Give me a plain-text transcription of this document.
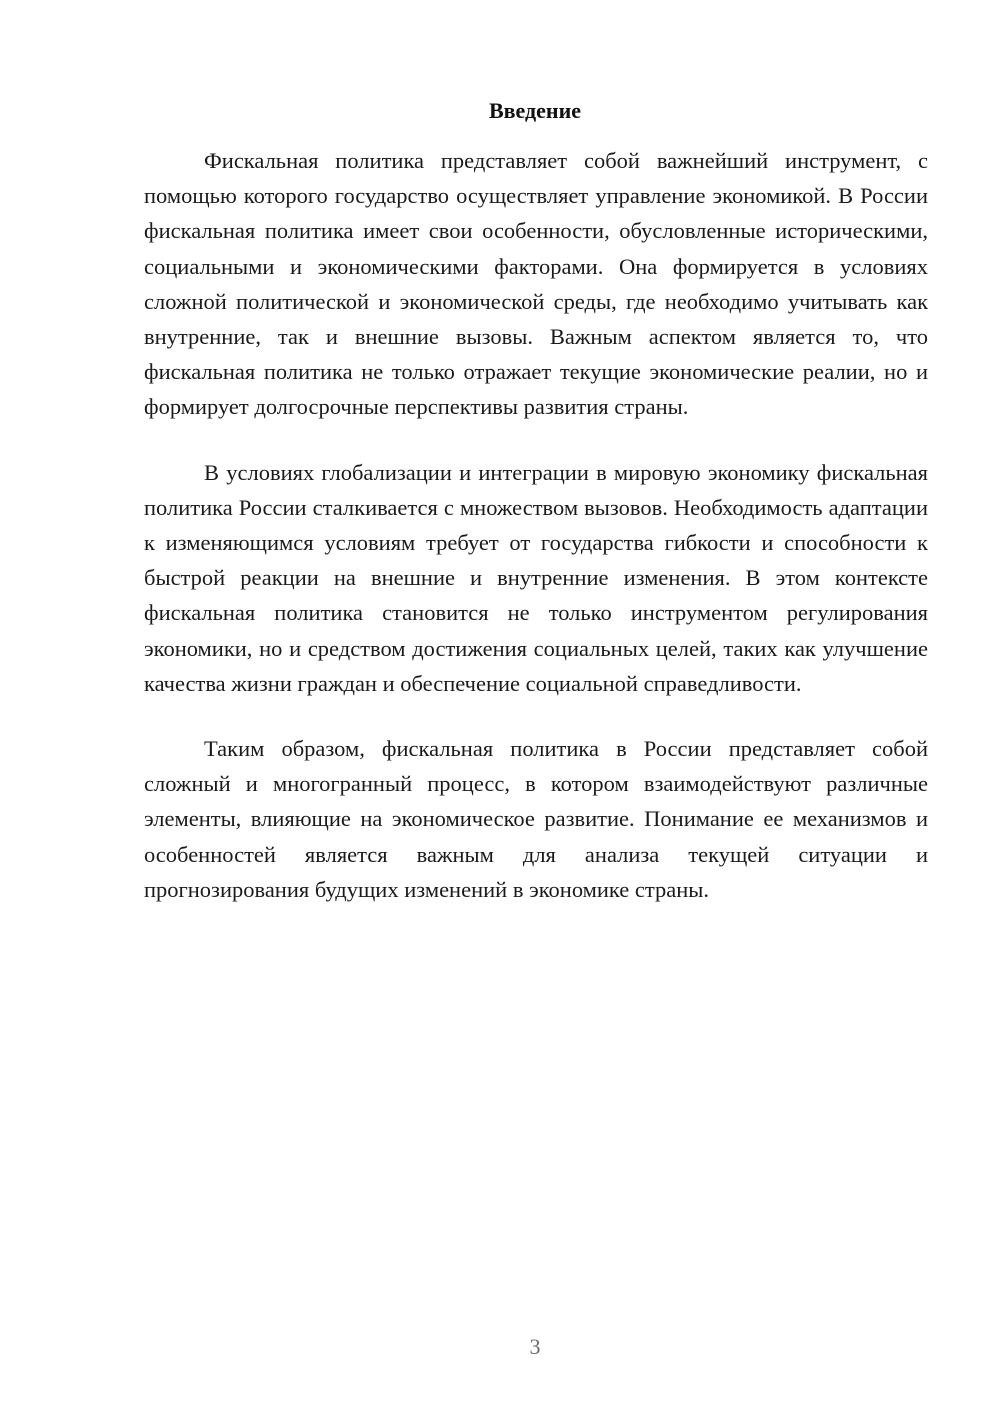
Введение

Фискальная политика представляет собой важнейший инструмент, с помощью которого государство осуществляет управление экономикой. В России фискальная политика имеет свои особенности, обусловленные историческими, социальными и экономическими факторами. Она формируется в условиях сложной политической и экономической среды, где необходимо учитывать как внутренние, так и внешние вызовы. Важным аспектом является то, что фискальная политика не только отражает текущие экономические реалии, но и формирует долгосрочные перспективы развития страны.

В условиях глобализации и интеграции в мировую экономику фискальная политика России сталкивается с множеством вызовов. Необходимость адаптации к изменяющимся условиям требует от государства гибкости и способности к быстрой реакции на внешние и внутренние изменения. В этом контексте фискальная политика становится не только инструментом регулирования экономики, но и средством достижения социальных целей, таких как улучшение качества жизни граждан и обеспечение социальной справедливости.

Таким образом, фискальная политика в России представляет собой сложный и многогранный процесс, в котором взаимодействуют различные элементы, влияющие на экономическое развитие. Понимание ее механизмов и особенностей является важным для анализа текущей ситуации и прогнозирования будущих изменений в экономике страны.

3
